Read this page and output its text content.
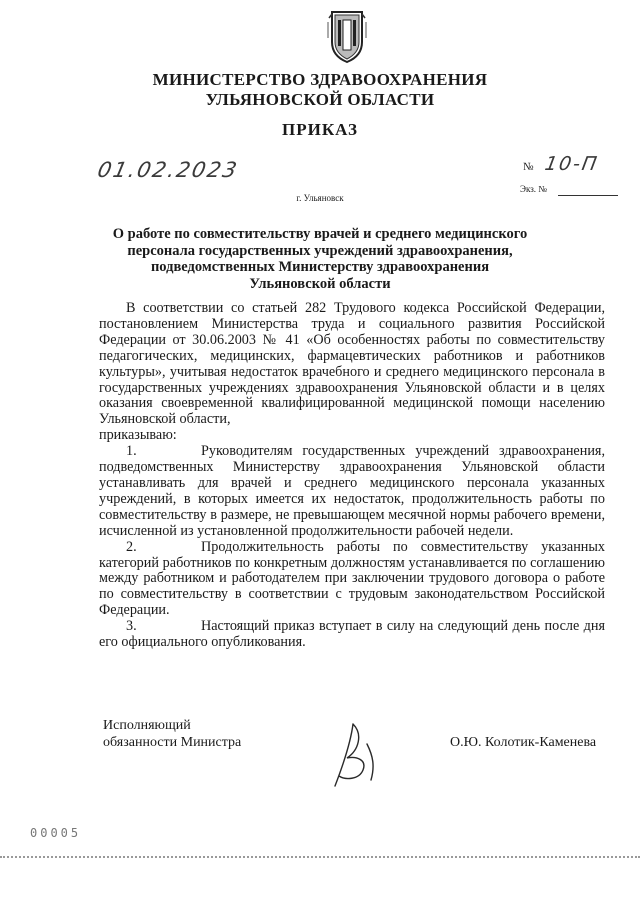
МИНИСТЕРСТВО ЗДРАВООХРАНЕНИЯ
УЛЬЯНОВСКОЙ ОБЛАСТИ
ПРИКАЗ
01.02.2023	№ 10-П
Экз. №
г. Ульяновск
О работе по совместительству врачей и среднего медицинского
персонала государственных учреждений здравоохранения,
подведомственных Министерству здравоохранения
Ульяновской области

В соответствии со статьей 282 Трудового кодекса Российской Федерации, постановлением Министерства труда и социального развития Российской Федерации от 30.06.2003 № 41 «Об особенностях работы по совместительству педагогических, медицинских, фармацевтических работников и работников культуры», учитывая недостаток врачебного и среднего медицинского персонала в государственных учреждениях здравоохранения Ульяновской области и в целях оказания своевременной квалифицированной медицинской помощи населению Ульяновской области,

приказываю:

1.	Руководителям государственных учреждений здравоохранения, подведомственных Министерству здравоохранения Ульяновской области устанавливать для врачей и среднего медицинского персонала указанных учреждений, в которых имеется их недостаток, продолжительность работы по совместительству в размере, не превышающем месячной нормы рабочего времени, исчисленной из установленной продолжительности рабочей недели.

2.	Продолжительность работы по совместительству указанных категорий работников по конкретным должностям устанавливается по соглашению между работником и работодателем при заключении трудового договора о работе по совместительству в соответствии с трудовым законодательством Российской Федерации.

3.	Настоящий приказ вступает в силу на следующий день после дня его официального опубликования.

Исполняющий
обязанности Министра	О.Ю. Колотик-Каменева
00005
